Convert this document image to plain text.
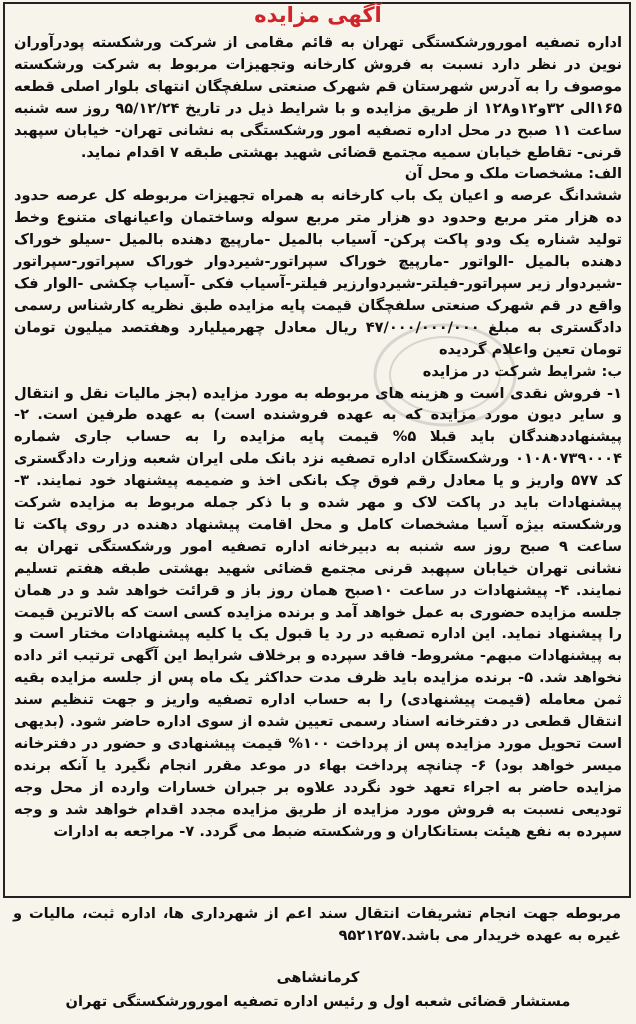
آگهی مزایده

اداره تصفیه امورورشکستگی تهران به قائم مقامی از شرکت ورشکسته پودرآوران نوین در نظر دارد نسبت به فروش کارخانه وتجهیزات مربوط به شرکت ورشکسته موصوف را به آدرس شهرستان قم شهرک صنعتی سلفچگان انتهای بلوار اصلی قطعه ۱۶۵الی ۳۲و۱۲و۱۲۸ از طریق مزایده و با شرایط ذیل در تاریخ ۹۵/۱۲/۲۴ روز سه شنبه ساعت ۱۱ صبح در محل اداره تصفیه امور ورشکستگی به نشانی تهران- خیابان سپهبد قرنی- تقاطع خیابان سمیه مجتمع قضائی شهید بهشتی طبقه ۷ اقدام نماید.

الف: مشخصات ملک و محل آن

ششدانگ عرصه و اعیان یک باب کارخانه به همراه تجهیزات مربوطه کل عرصه حدود ده هزار متر مربع وحدود دو هزار متر مربع سوله وساختمان واعیانهای متنوع وخط تولید شناره یک ودو پاکت پرکن- آسیاب بالمیل -مارپیچ دهنده بالمیل -سیلو خوراک دهنده بالمیل -الواتور -مارپیچ خوراک سپراتور-شیردوار خوراک سپراتور-سپراتور -شیردوار زیر سپراتور-فیلتر-شیردوارزیر فیلتر-آسیاب فکی -آسیاب چکشی -الوار فک واقع در قم شهرک صنعتی سلفچگان قیمت پایه مزایده طبق نظریه کارشناس رسمی دادگستری به مبلغ ۴۷/۰۰۰/۰۰۰/۰۰۰ ریال معادل چهرمیلیارد وهفتصد میلیون تومان تومان تعین واعلام گردیده

ب: شرایط شرکت در مزایده

۱- فروش نقدی است و هزینه های مربوطه به مورد مزایده (بجز مالیات نقل و انتقال و سایر دیون مورد مزایده که به عهده فروشنده است) به عهده طرفین است. ۲- پیشنهاددهندگان باید قبلا ۵% قیمت پایه مزایده را به حساب جاری شماره ۰۱۰۸۰۷۳۹۰۰۰۴ ورشکستگان اداره تصفیه نزد بانک ملی ایران شعبه وزارت دادگستری کد ۵۷۷ واریز و یا معادل رقم فوق چک بانکی اخذ و ضمیمه پیشنهاد خود نمایند. ۳- پیشنهادات باید در پاکت لاک و مهر شده و با ذکر جمله مربوط به مزایده شرکت ورشکسته بیژه آسیا مشخصات کامل و محل اقامت پیشنهاد دهنده در روی پاکت تا ساعت ۹ صبح روز سه شنبه به دبیرخانه اداره تصفیه امور ورشکستگی تهران به نشانی تهران خیابان سپهبد قرنی مجتمع قضائی شهید بهشتی طبقه هفتم تسلیم نمایند. ۴- پیشنهادات در ساعت ۱۰صبح همان روز باز و قرائت خواهد شد و در همان جلسه مزایده حضوری به عمل خواهد آمد و برنده مزایده کسی است که بالاترین قیمت را پیشنهاد نماید. این اداره تصفیه در رد یا قبول یک یا کلیه پیشنهادات مختار است و به پیشنهادات مبهم- مشروط- فاقد سپرده و برخلاف شرایط این آگهی ترتیب اثر داده نخواهد شد. ۵- برنده مزایده باید ظرف مدت حداکثر یک ماه پس از جلسه مزایده بقیه ثمن معامله (قیمت پیشنهادی) را به حساب اداره تصفیه واریز و جهت تنظیم سند انتقال قطعی در دفترخانه اسناد رسمی تعیین شده از سوی اداره حاضر شود. (بدیهی است تحویل مورد مزایده پس از پرداخت ۱۰۰% قیمت پیشنهادی و حضور در دفترخانه میسر خواهد بود) ۶- چنانچه پرداخت بهاء در موعد مقرر انجام نگیرد یا آنکه برنده مزایده حاضر به اجراء تعهد خود نگردد علاوه بر جبران خسارات وارده از محل وجه تودیعی نسبت به فروش مورد مزایده از طریق مزایده مجدد اقدام خواهد شد و وجه سپرده به نفع هیئت بستانکاران و ورشکسته ضبط می گردد. ۷- مراجعه به ادارات

مربوطه جهت انجام تشریفات انتقال سند اعم از شهرداری ها، اداره ثبت، مالیات و غیره به عهده خریدار می باشد.۹۵۲۱۲۵۷
کرمانشاهی
مستشار قضائی شعبه اول و رئیس اداره تصفیه امورورشکستگی تهران
